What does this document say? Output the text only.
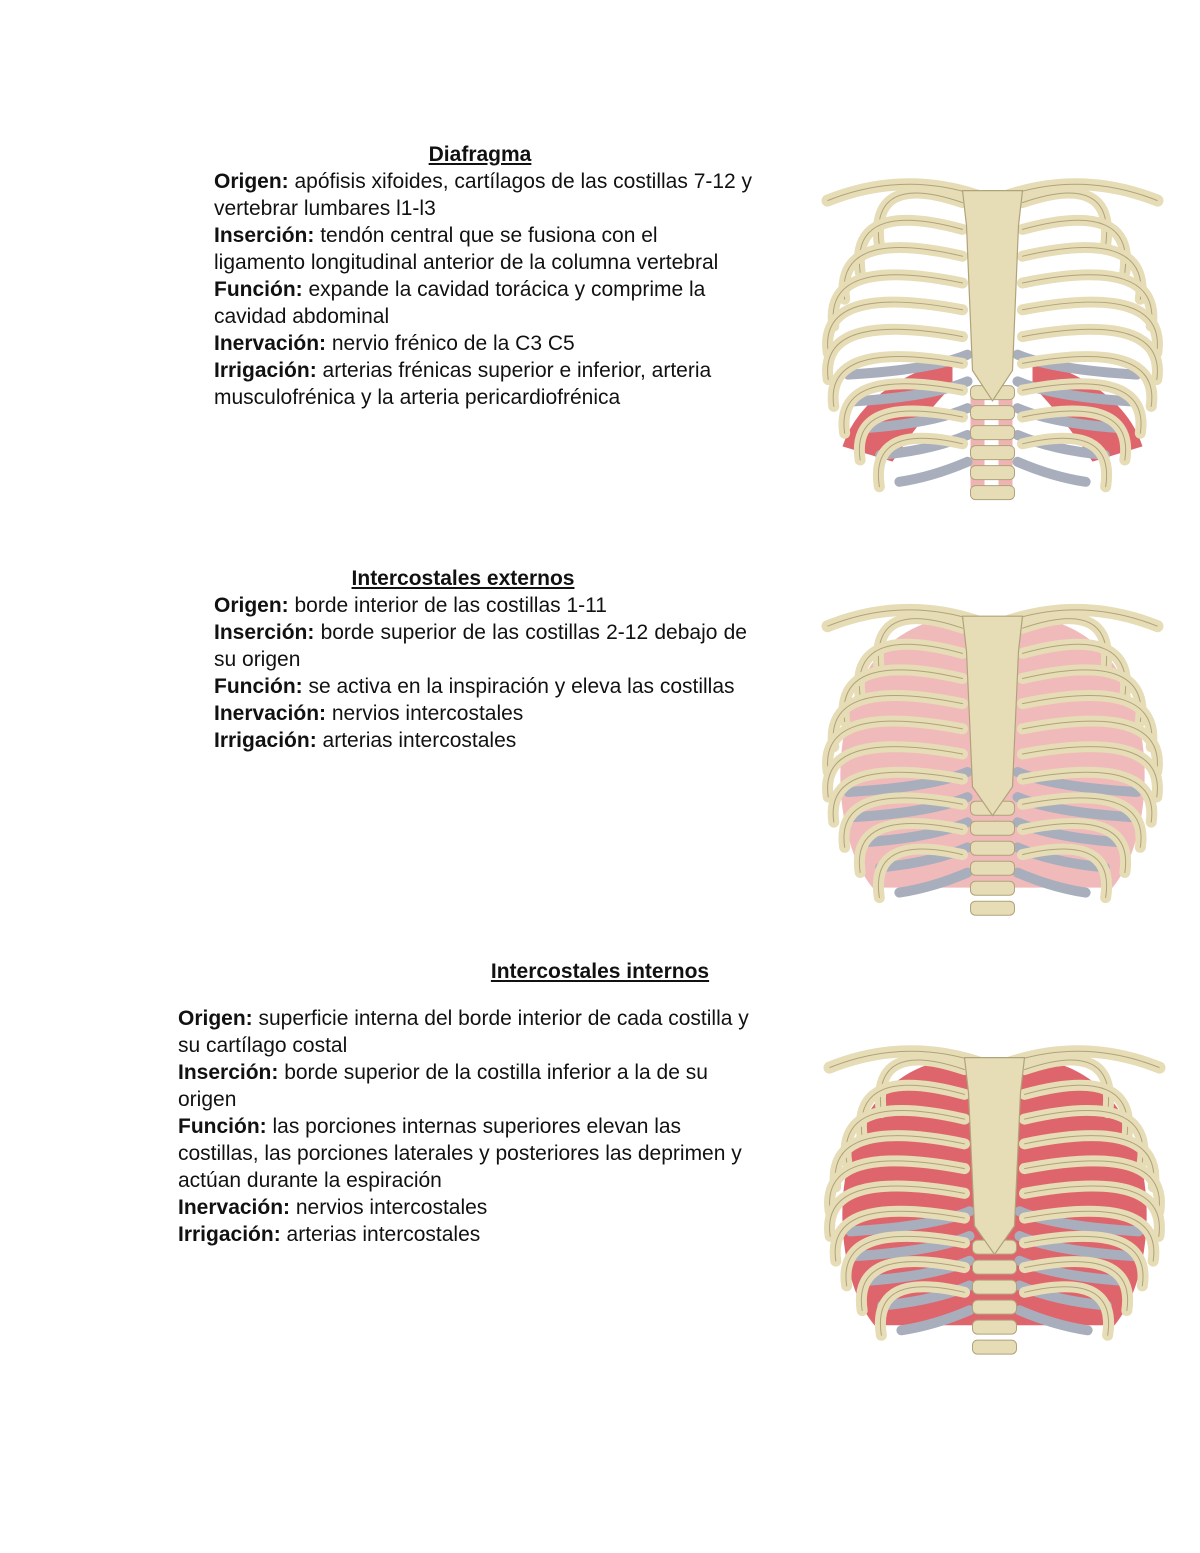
Diafragma

Origen: apófisis xifoides, cartílagos de las costillas 7-12 y vertebrar lumbares l1-l3

Inserción: tendón central que se fusiona con el ligamento longitudinal anterior de la columna vertebral

Función: expande la cavidad torácica y comprime la cavidad abdominal

Inervación: nervio frénico de la C3 C5

Irrigación: arterias frénicas superior e inferior, arteria musculofrénica y la arteria pericardiofrénica

Intercostales externos

Origen: borde interior de las costillas 1-11

Inserción: borde superior de las costillas 2-12 debajo de su origen

Función: se activa en la inspiración y eleva las costillas

Inervación: nervios intercostales

Irrigación: arterias intercostales

Intercostales internos

Origen: superficie interna del borde interior de cada costilla y su cartílago costal

Inserción: borde superior de la costilla inferior a la de su origen

Función: las porciones internas superiores elevan las costillas, las porciones laterales y posteriores las deprimen y actúan durante la espiración

Inervación: nervios intercostales

Irrigación: arterias intercostales
